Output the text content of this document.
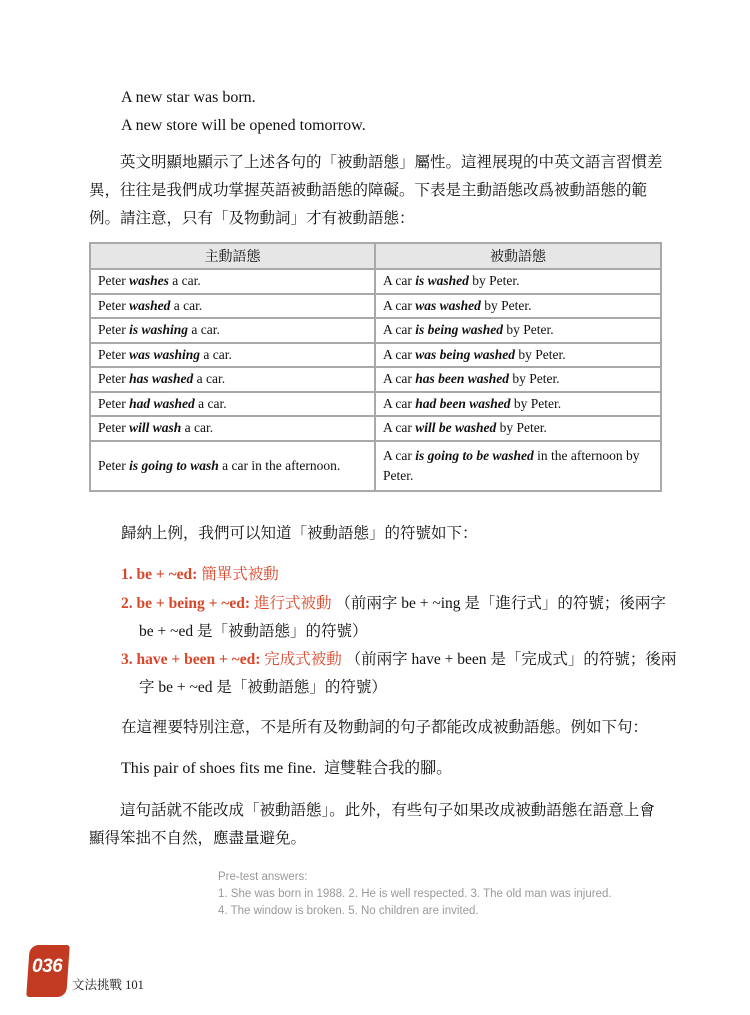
A new star was born.
A new store will be opened tomorrow.
英文明顯地顯示了上述各句的「被動語態」屬性。這裡展現的中英文語言習慣差異，往往是我們成功掌握英語被動語態的障礙。下表是主動語態改爲被動語態的範例。請注意，只有「及物動詞」才有被動語態：
主動語態	被動語態
Peter washes a car.	A car is washed by Peter.
Peter washed a car.	A car was washed by Peter.
Peter is washing a car.	A car is being washed by Peter.
Peter was washing a car.	A car was being washed by Peter.
Peter has washed a car.	A car has been washed by Peter.
Peter had washed a car.	A car had been washed by Peter.
Peter will wash a car.	A car will be washed by Peter.
Peter is going to wash a car in the afternoon.	A car is going to be washed in the afternoon by Peter.
歸納上例，我們可以知道「被動語態」的符號如下：
1. be + ~ed: 簡單式被動
2. be + being + ~ed: 進行式被動 （前兩字 be + ~ing 是「進行式」的符號；後兩字 be + ~ed 是「被動語態」的符號）
3. have + been + ~ed: 完成式被動 （前兩字 have + been 是「完成式」的符號；後兩字 be + ~ed 是「被動語態」的符號）
在這裡要特別注意，不是所有及物動詞的句子都能改成被動語態。例如下句：
This pair of shoes fits me fine. 這雙鞋合我的腳。
這句話就不能改成「被動語態」。此外，有些句子如果改成被動語態在語意上會顯得笨拙不自然，應盡量避免。
Pre-test answers:
1. She was born in 1988. 2. He is well respected. 3. The old man was injured.
4. The window is broken. 5. No children are invited.
036
文法挑戰 101
